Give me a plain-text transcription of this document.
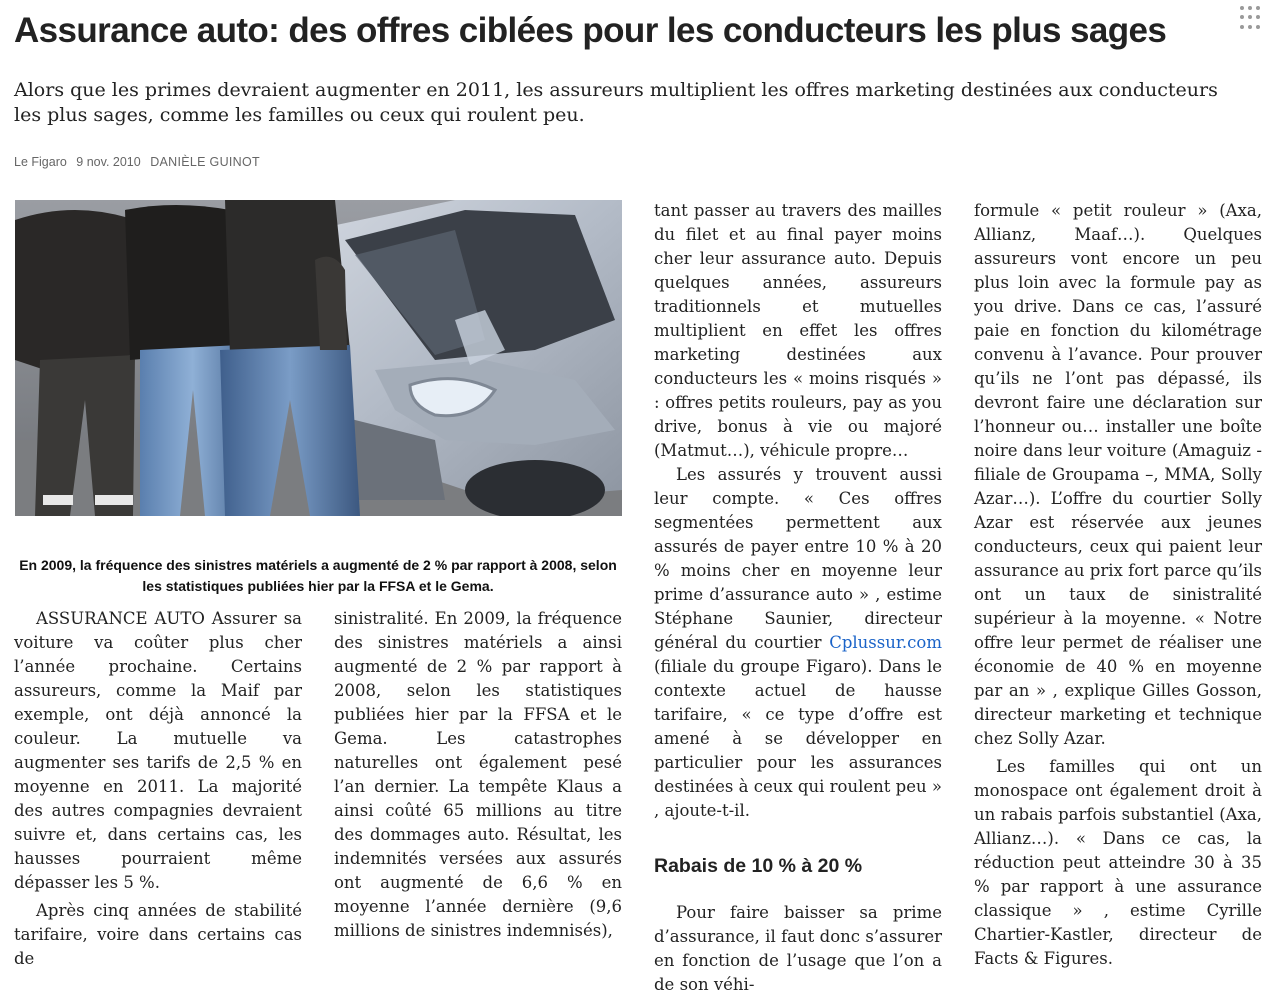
Assurance auto: des offres ciblées pour les conducteurs les plus sages

Alors que les primes devraient augmenter en 2011, les assureurs multiplient les offres marketing destinées aux conducteurs les plus sages, comme les familles ou ceux qui roulent peu.

Le Figaro 9 nov. 2010 DANIÈLE GUINOT

En 2009, la fréquence des sinistres matériels a augmenté de 2 % par rapport à 2008, selon les statistiques publiées hier par la FFSA et le Gema.

ASSURANCE AUTO Assurer sa voiture va coûter plus cher l’année prochaine. Certains assureurs, comme la Maif par exemple, ont déjà annoncé la couleur. La mutuelle va augmenter ses tarifs de 2,5 % en moyenne en 2011. La majorité des autres compagnies devraient suivre et, dans certains cas, les hausses pourraient même dépasser les 5 %.

Après cinq années de stabilité tarifaire, voire dans certains cas de

sinistralité. En 2009, la fréquence des sinistres matériels a ainsi augmenté de 2 % par rapport à 2008, selon les statistiques publiées hier par la FFSA et le Gema. Les catastrophes naturelles ont également pesé l’an dernier. La tempête Klaus a ainsi coûté 65 millions au titre des dommages auto. Résultat, les indemnités versées aux assurés ont augmenté de 6,6 % en moyenne l’année dernière (9,6 millions de sinistres indemnisés),

tant passer au travers des mailles du filet et au final payer moins cher leur assurance auto. Depuis quelques années, assureurs traditionnels et mutuelles multiplient en effet les offres marketing destinées aux conducteurs les « moins risqués » : offres petits rouleurs, pay as you drive, bonus à vie ou majoré (Matmut…), véhicule propre…

Les assurés y trouvent aussi leur compte. « Ces offres segmentées permettent aux assurés de payer entre 10 % à 20 % moins cher en moyenne leur prime d’assurance auto » , estime Stéphane Saunier, directeur général du courtier Cplussur.com (filiale du groupe Figaro). Dans le contexte actuel de hausse tarifaire, « ce type d’offre est amené à se développer en particulier pour les assurances destinées à ceux qui roulent peu » , ajoute-t-il.

Rabais de 10 % à 20 %

Pour faire baisser sa prime d’assurance, il faut donc s’assurer en fonction de l’usage que l’on a de son véhi-

formule « petit rouleur » (Axa, Allianz, Maaf…). Quelques assureurs vont encore un peu plus loin avec la formule pay as you drive. Dans ce cas, l’assuré paie en fonction du kilométrage convenu à l’avance. Pour prouver qu’ils ne l’ont pas dépassé, ils devront faire une déclaration sur l’honneur ou… installer une boîte noire dans leur voiture (Amaguiz - filiale de Groupama –, MMA, Solly Azar…). L’offre du courtier Solly Azar est réservée aux jeunes conducteurs, ceux qui paient leur assurance au prix fort parce qu’ils ont un taux de sinistralité supérieur à la moyenne. « Notre offre leur permet de réaliser une économie de 40 % en moyenne par an » , explique Gilles Gosson, directeur marketing et technique chez Solly Azar.

Les familles qui ont un monospace ont également droit à un rabais parfois substantiel (Axa, Allianz…). « Dans ce cas, la réduction peut atteindre 30 à 35 % par rapport à une assurance classique » , estime Cyrille Chartier-Kastler, directeur de Facts & Figures.
